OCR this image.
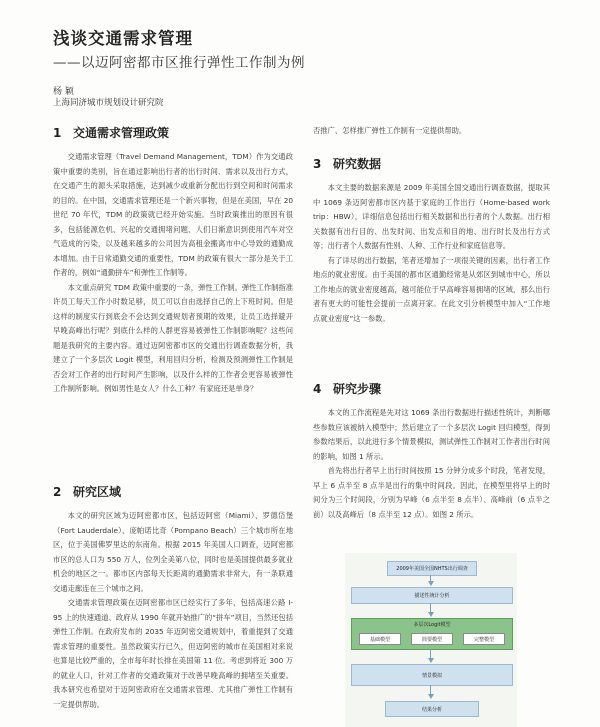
浅谈交通需求管理
——以迈阿密都市区推行弹性工作制为例
杨 颖
上海同济城市规划设计研究院
1 交通需求管理政策

交通需求管理（Travel Demand Management，TDM）作为交通政策中重要的类别，旨在通过影响出行者的出行时间、需求以及出行方式，在交通产生的源头采取措施，达到减少或重新分配出行到空间和时间需求的目的。在中国，交通需求管理还是一个新兴事物，但是在美国，早在 20 世纪 70 年代，TDM 的政策就已经开始实施。当时政策推出的原因有很多，包括能源危机、兴起的交通拥堵问题、人们日渐意识到使用汽车对空气造成的污染，以及越来越多的公司因为高租金搬离市中心导致的通勤成本增加。由于日常通勤交通的重要性，TDM 的政策有很大一部分是关于工作者的，例如“通勤拼车”和弹性工作制等。

本文重点研究 TDM 政策中重要的一条，弹性工作制。弹性工作制指准许员工每天工作小时数足够，员工可以自由选择自己的上下班时间。但是这样的制度实行到底会不会达到交通规划者预期的效果，让员工选择避开早晚高峰出行呢？到底什么样的人群更容易被弹性工作制影响呢？这些问题是我研究的主要内容。通过迈阿密都市区的交通出行调查数据分析，我建立了一个多层次 Logit 模型，利用回归分析，检测及预测弹性工作制是否会对工作者的出行时间产生影响，以及什么样的工作者会更容易被弹性工作制所影响。例如男性是女人？什么工种？有家庭还是单身？

2 研究区域

本文的研究区域为迈阿密都市区，包括迈阿密（Miami）、罗德岱堡（Fort Lauderdale）、庞帕诺比奇（Pompano Beach）三个城市所在地区，位于美国佛罗里达的东南角。根据 2015 年美国人口调查，迈阿密都市区的总人口为 550 万人，位列全美第八位，同时也是美国提供最多就业机会的地区之一。都市区内部每天长距离的通勤需求非常大，有一条联通交通走廊连在三个城市之间。

交通需求管理政策在迈阿密都市区已经实行了多年，包括高速公路 I-95 上的快速通道、政府从 1990 年就开始推广的“拼车”项目，当然还包括弹性工作制。在政府发布的 2035 年迈阿密交通规划中，着重提到了交通需求管理的重要性。虽然政策实行已久，但迈阿密的城市在美国相对来说也算是比较严重的，全市每年时长排在美国第 11 位。考虑到将近 300 万的就业人口，针对工作者的交通政策对于改善早晚高峰的拥堵至关重要。我本研究也希望对于迈阿密政府在交通需求管理、尤其推广弹性工作制有一定提供帮助。

否推广、怎样推广弹性工作制有一定提供帮助。

3 研究数据

本文主要的数据来源是 2009 年美国全国交通出行调查数据，提取其中 1069 条迈阿密都市区内基于家庭的工作出行（Home-based work trip：HBW），详细信息包括出行相关数据和出行者的个人数据。出行相关数据有出行目的、出发时间、出发点和目的地、出行时长及出行方式等；出行者个人数据有性别、人种、工作行业和家庭信息等。

有了详尽的出行数据，笔者还增加了一项很关键的因素，出行者工作地点的就业密度。由于美国的都市区通勤经常是从郊区到城市中心，所以工作地点的就业密度越高，越可能位于早高峰容易拥堵的区域，那么出行者有更大的可能性会提前一点离开家。在此文引分析模型中加入“工作地点就业密度”这一参数。

4 研究步骤

本文的工作流程是先对这 1069 条出行数据进行描述性统计，判断哪些参数应该被纳入模型中；然后建立了一个多层次 Logit 回归模型，得到参数结果后，以此进行多个情景模拟，测试弹性工作制对工作者出行时间的影响，如图 1 所示。

首先将出行者早上出行时间按照 15 分钟分成多个时段，笔者发现，早上 6 点半至 8 点半是出行的集中时间段。因此，在模型里将早上的时间分为三个时间段，分别为早峰（6 点半至 8 点半）、高峰前（6 点半之前）以及高峰后（8 点半至 12 点）。如图 2 所示。

2009年美国全国NHTS出行调查
描述性统计分析
多层次Logit模型
基础模型	简要模型	完整模型
情景模拟
结果分析
